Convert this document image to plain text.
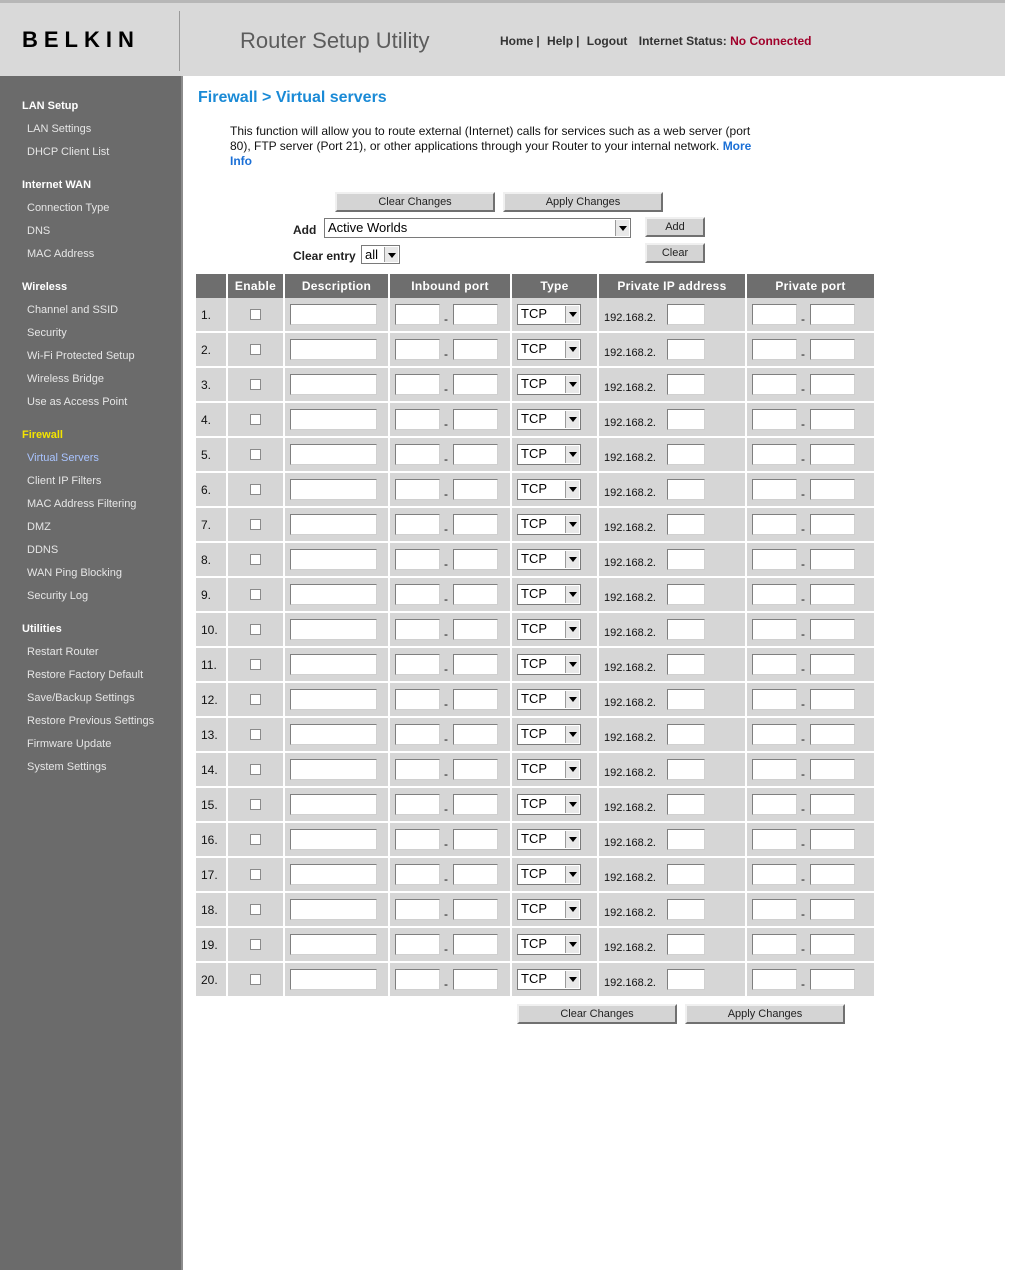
BELKIN	Router Setup Utility	Home | Help | Logout Internet Status: No Connected
LAN Setup
LAN Settings
DHCP Client List
Internet WAN
Connection Type
DNS
MAC Address
Wireless
Channel and SSID
Security
Wi-Fi Protected Setup
Wireless Bridge
Use as Access Point
Firewall
Virtual Servers
Client IP Filters
MAC Address Filtering
DMZ
DDNS
WAN Ping Blocking
Security Log
Utilities
Restart Router
Restore Factory Default
Save/Backup Settings
Restore Previous Settings
Firmware Update
System Settings
Firewall > Virtual servers
This function will allow you to route external (Internet) calls for services such as a web server (port 80), FTP server (Port 21), or other applications through your Router to your internal network. More Info
Clear Changes	Apply Changes
Add Active Worlds	Add
Clear entry all	Clear
	Enable	Description	Inbound port	Type	Private IP address	Private port
1.			-	TCP	192.168.2.	-

2.			-	TCP	192.168.2.	-

3.			-	TCP	192.168.2.	-

4.			-	TCP	192.168.2.	-

5.			-	TCP	192.168.2.	-

6.			-	TCP	192.168.2.	-

7.			-	TCP	192.168.2.	-

8.			-	TCP	192.168.2.	-

9.			-	TCP	192.168.2.	-

10.			-	TCP	192.168.2.	-

11.			-	TCP	192.168.2.	-

12.			-	TCP	192.168.2.	-

13.			-	TCP	192.168.2.	-

14.			-	TCP	192.168.2.	-

15.			-	TCP	192.168.2.	-

16.			-	TCP	192.168.2.	-

17.			-	TCP	192.168.2.	-

18.			-	TCP	192.168.2.	-

19.			-	TCP	192.168.2.	-

20.			-	TCP	192.168.2.	-
Clear Changes	Apply Changes
